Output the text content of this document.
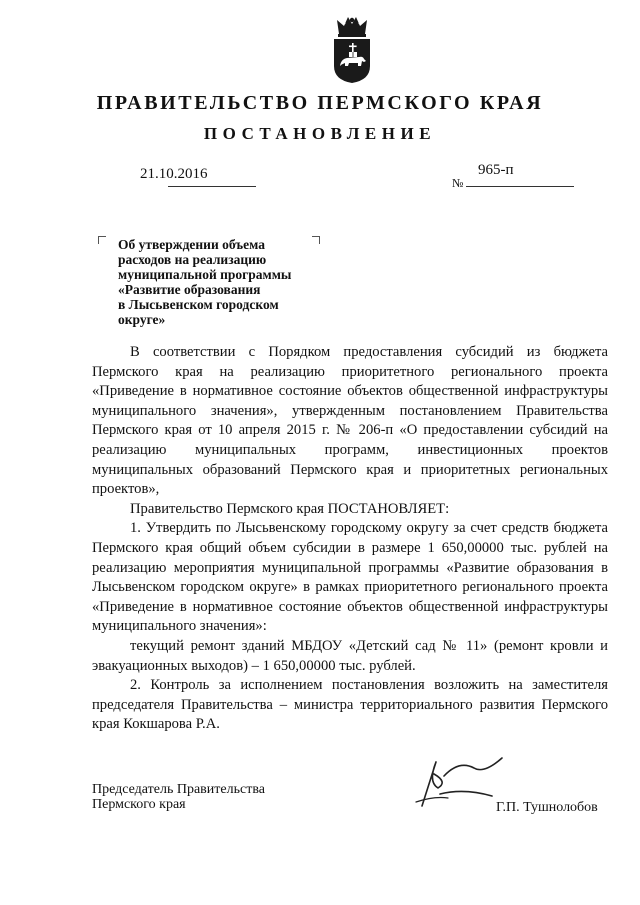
ПРАВИТЕЛЬСТВО ПЕРМСКОГО КРАЯ
ПОСТАНОВЛЕНИЕ
21.10.2016
№
965-п
Об утверждении объема
расходов на реализацию
муниципальной программы
«Развитие образования
в Лысьвенском городском
округе»

В соответствии с Порядком предоставления субсидий из бюджета Пермского края на реализацию приоритетного регионального проекта «Приведение в нормативное состояние объектов общественной инфраструктуры муниципального значения», утвержденным постановлением Правительства Пермского края от 10 апреля 2015 г. № 206-п «О предоставлении субсидий на реализацию муниципальных программ, инвестиционных проектов муниципальных образований Пермского края и приоритетных региональных проектов»,

Правительство Пермского края ПОСТАНОВЛЯЕТ:

1. Утвердить по Лысьвенскому городскому округу за счет средств бюджета Пермского края общий объем субсидии в размере 1 650,00000 тыс. рублей на реализацию мероприятия муниципальной программы «Развитие образования в Лысьвенском городском округе» в рамках приоритетного регионального проекта «Приведение в нормативное состояние объектов общественной инфраструктуры муниципального значения»:

текущий ремонт зданий МБДОУ «Детский сад № 11» (ремонт кровли и эвакуационных выходов) – 1 650,00000 тыс. рублей.

2. Контроль за исполнением постановления возложить на заместителя председателя Правительства – министра территориального развития Пермского края Кокшарова Р.А.

Председатель Правительства
Пермского края	Г.П. Тушнолобов
